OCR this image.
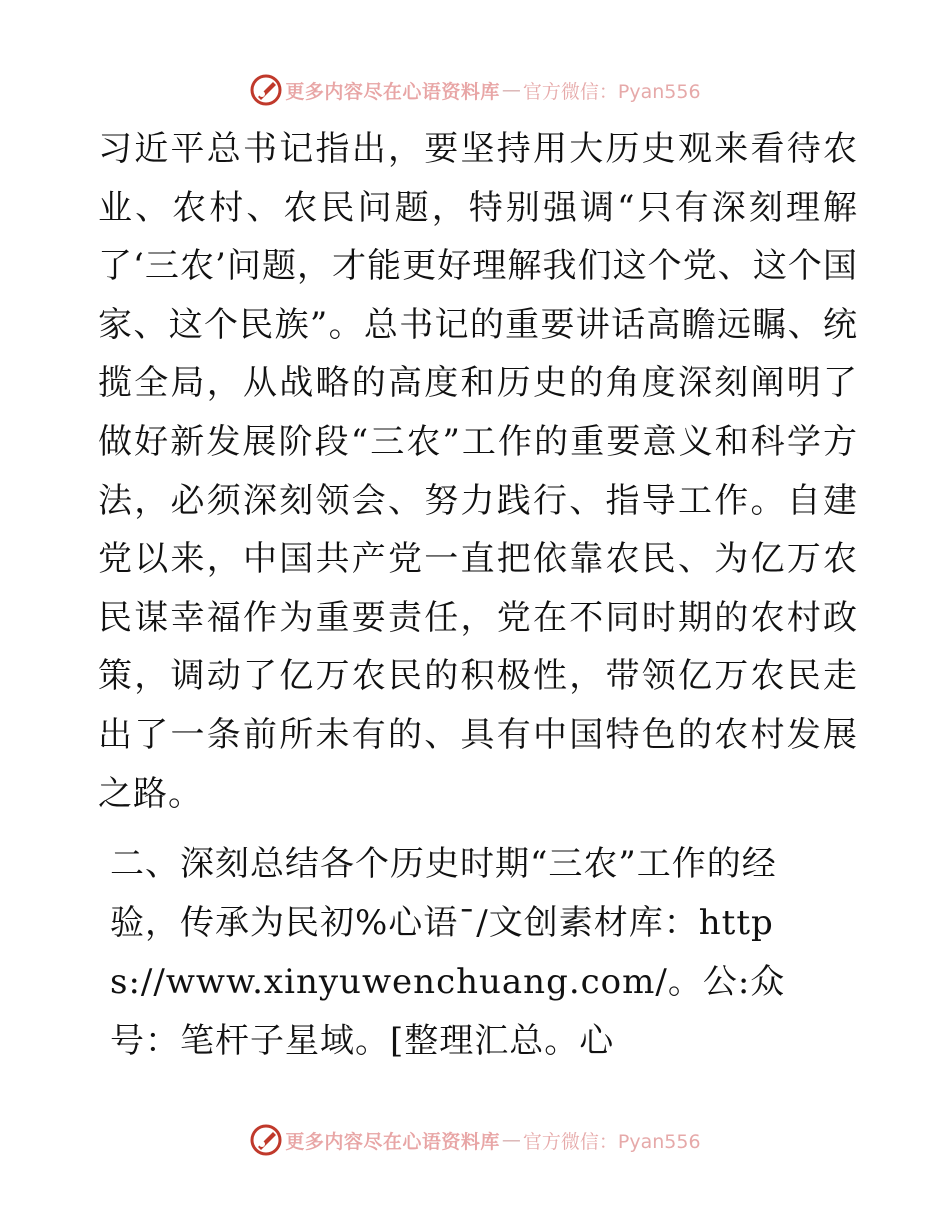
更多内容尽在心语资料库 — 官方微信：Pyan556

习近平总书记指出，要坚持用大历史观来看待农业、农村、农民问题，特别强调“只有深刻理解了‘三农’问题，才能更好理解我们这个党、这个国家、这个民族”。总书记的重要讲话高瞻远瞩、统揽全局，从战略的高度和历史的角度深刻阐明了做好新发展阶段“三农”工作的重要意义和科学方法，必须深刻领会、努力践行、指导工作。自建党以来，中国共产党一直把依靠农民、为亿万农民谋幸福作为重要责任，党在不同时期的农村政策，调动了亿万农民的积极性，带领亿万农民走出了一条前所未有的、具有中国特色的农村发展之路。

二、深刻总结各个历史时期“三农”工作的经验，传承为民初%心语¯/文创素材库：https://www.xinyuwenchuang.com/。公:众号：笔杆子星域。[整理汇总。心

更多内容尽在心语资料库 — 官方微信：Pyan556
